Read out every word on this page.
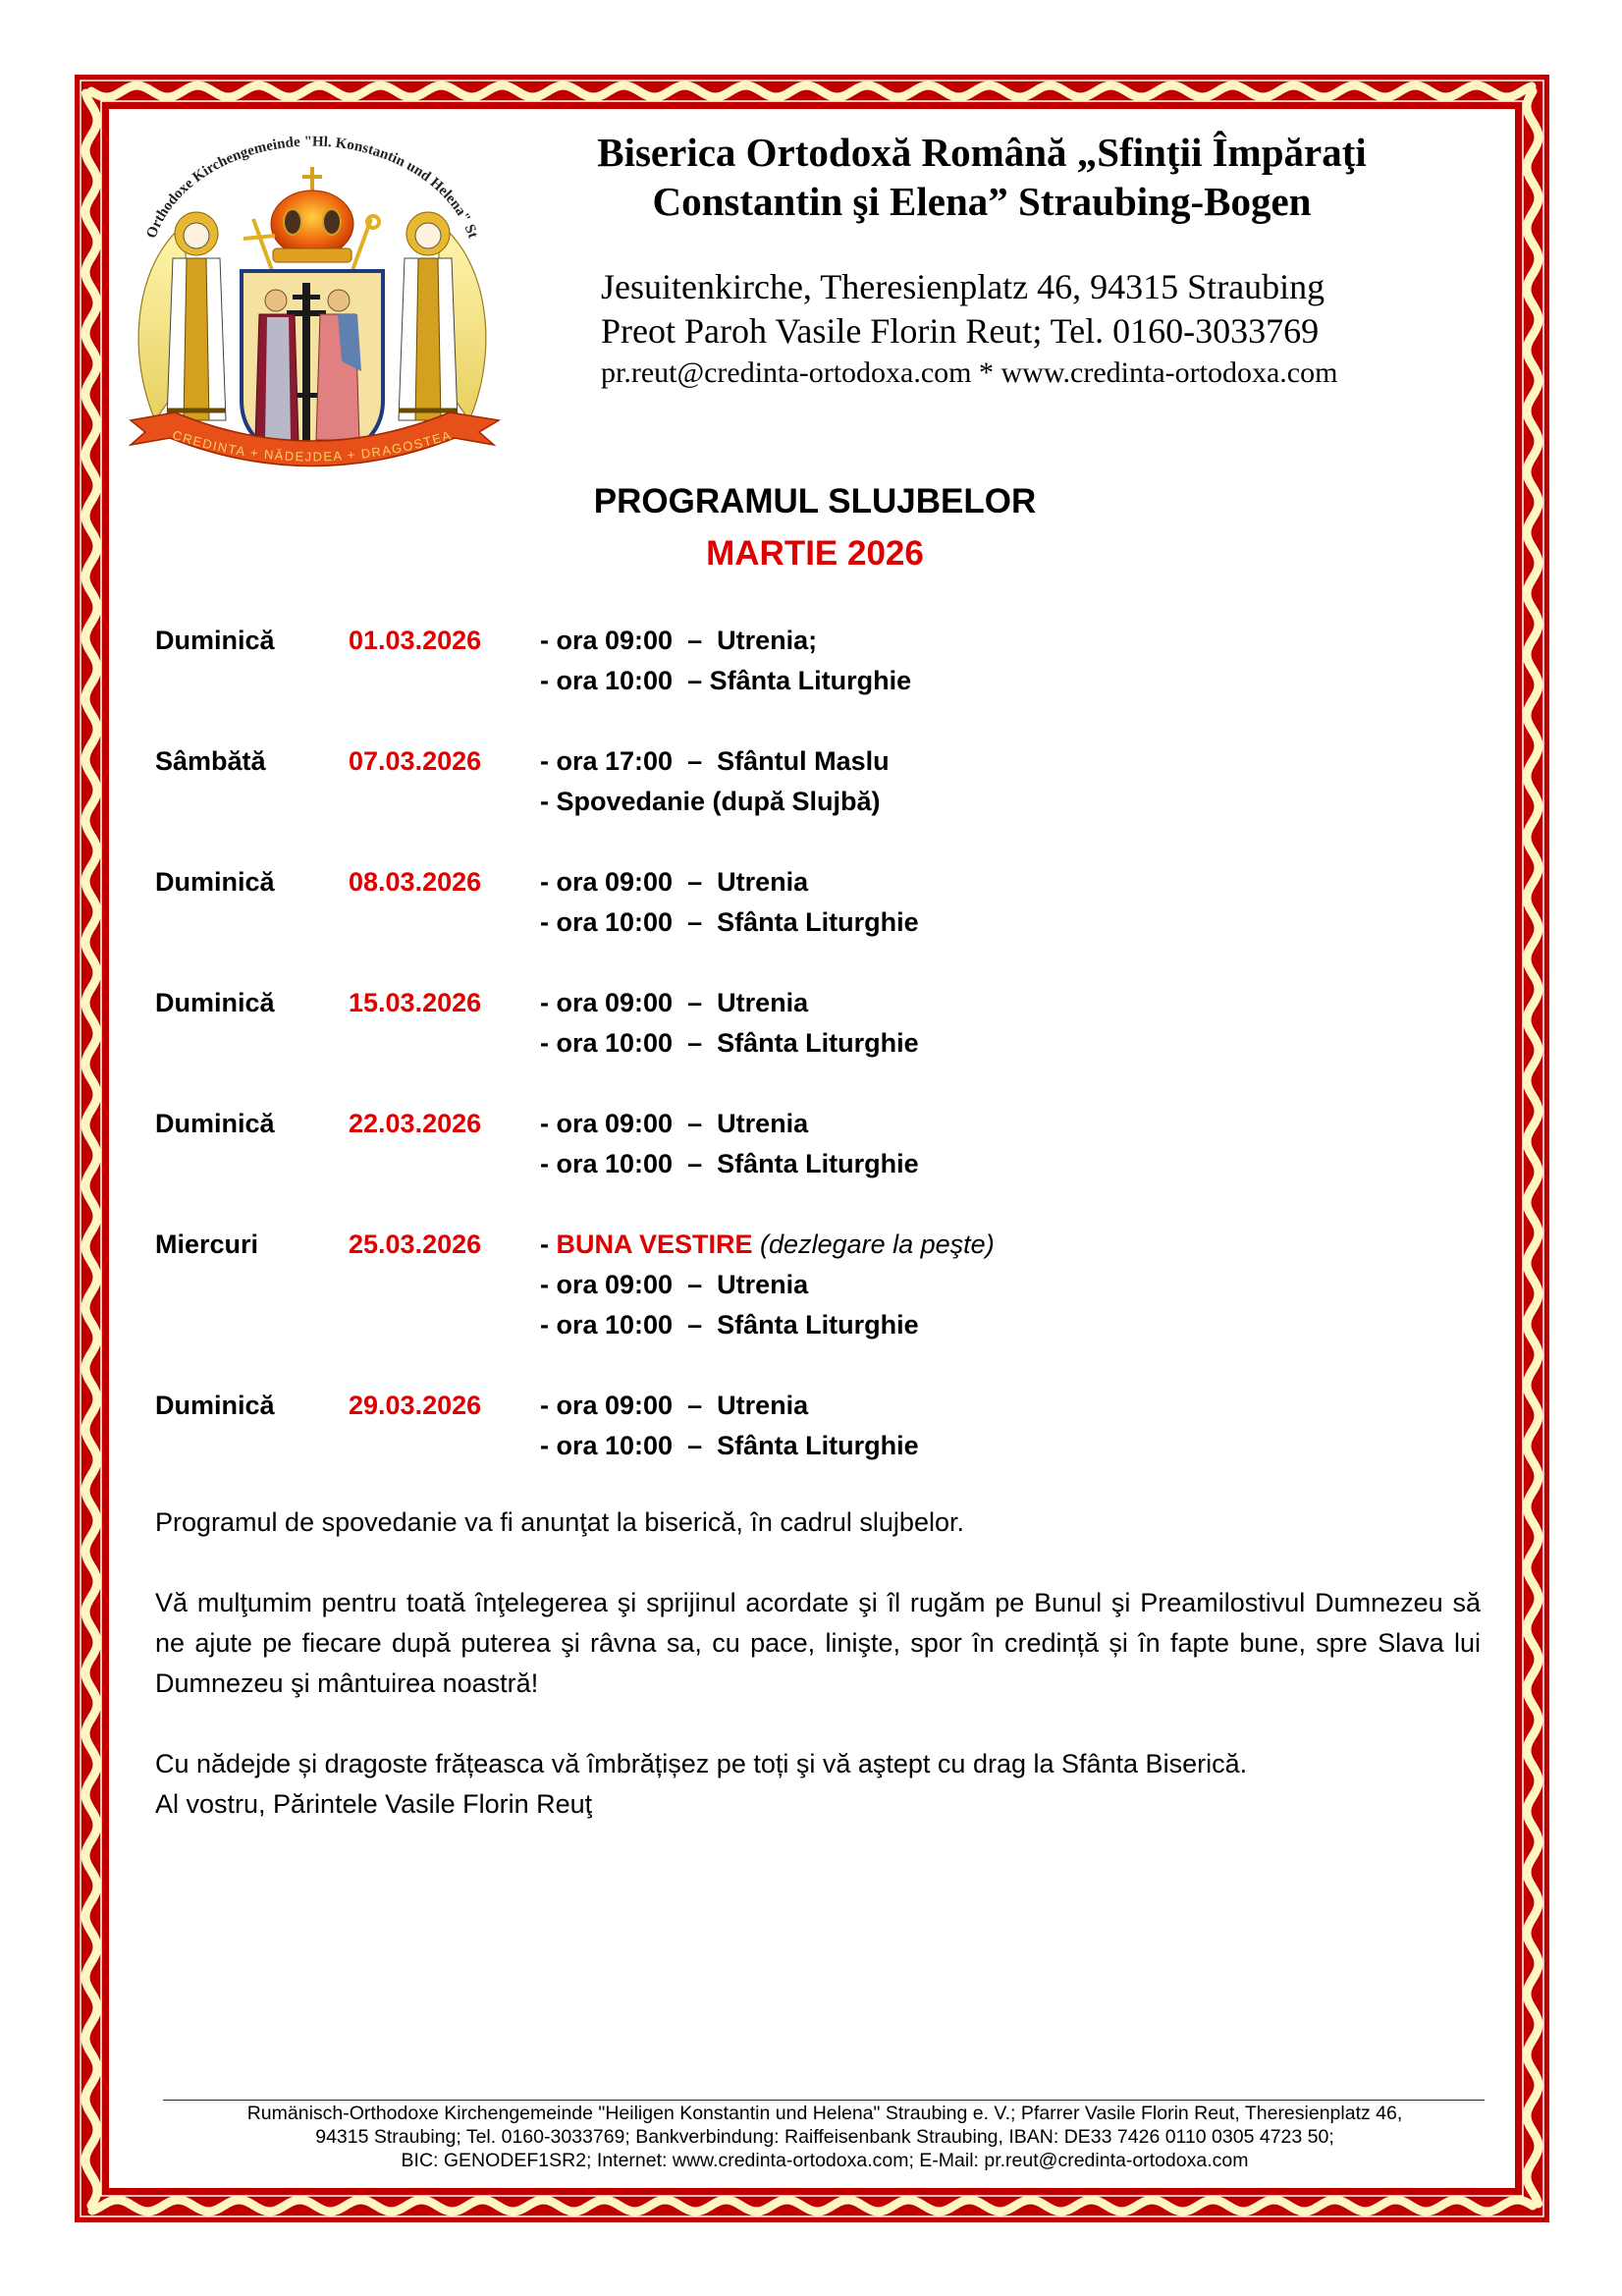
Orthodoxe Kirchengemeinde "Hl. Konstantin und Helena" St
CREDINTA + NĂDEJDEA + DRAGOSTEA
Biserica Ortodoxă Română „Sfinţii Împăraţi
Constantin şi Elena” Straubing-Bogen
Jesuitenkirche, Theresienplatz 46, 94315 Straubing
Preot Paroh Vasile Florin Reut; Tel. 0160-3033769
pr.reut@credinta-ortodoxa.com * www.credinta-ortodoxa.com
PROGRAMUL SLUJBELOR
MARTIE 2026
Duminică	01.03.2026 - ora 09:00  –  Utrenia;
- ora 10:00  – Sfânta Liturghie
Sâmbătă	07.03.2026 - ora 17:00  –  Sfântul Maslu
- Spovedanie (după Slujbă)
Duminică	08.03.2026 - ora 09:00  –  Utrenia
- ora 10:00  –  Sfânta Liturghie
Duminică	15.03.2026 - ora 09:00  –  Utrenia
- ora 10:00  –  Sfânta Liturghie
Duminică	22.03.2026 - ora 09:00  –  Utrenia
- ora 10:00  –  Sfânta Liturghie
Miercuri	25.03.2026 - BUNA VESTIRE (dezlegare la peşte)
- ora 09:00  –  Utrenia
- ora 10:00  –  Sfânta Liturghie
Duminică	29.03.2026 - ora 09:00  –  Utrenia
- ora 10:00  –  Sfânta Liturghie

Programul de spovedanie va fi anunţat la biserică, în cadrul slujbelor.

Vă mulţumim pentru toată înţelegerea şi sprijinul acordate şi îl rugăm pe Bunul şi Preamilostivul Dumnezeu să ne ajute pe fiecare după puterea şi râvna sa, cu pace, linişte, spor în credință și în fapte bune, spre Slava lui Dumnezeu şi mântuirea noastră!

Cu nădejde și dragoste frățeasca vă îmbrățișez pe toți şi vă aştept cu drag la Sfânta Biserică.
Al vostru, Părintele Vasile Florin Reuţ

Rumänisch-Orthodoxe Kirchengemeinde "Heiligen Konstantin und Helena" Straubing e. V.; Pfarrer Vasile Florin Reut, Theresienplatz 46,
94315 Straubing; Tel. 0160-3033769; Bankverbindung: Raiffeisenbank Straubing, IBAN: DE33 7426 0110 0305 4723 50;
BIC: GENODEF1SR2; Internet: www.credinta-ortodoxa.com; E-Mail: pr.reut@credinta-ortodoxa.com
